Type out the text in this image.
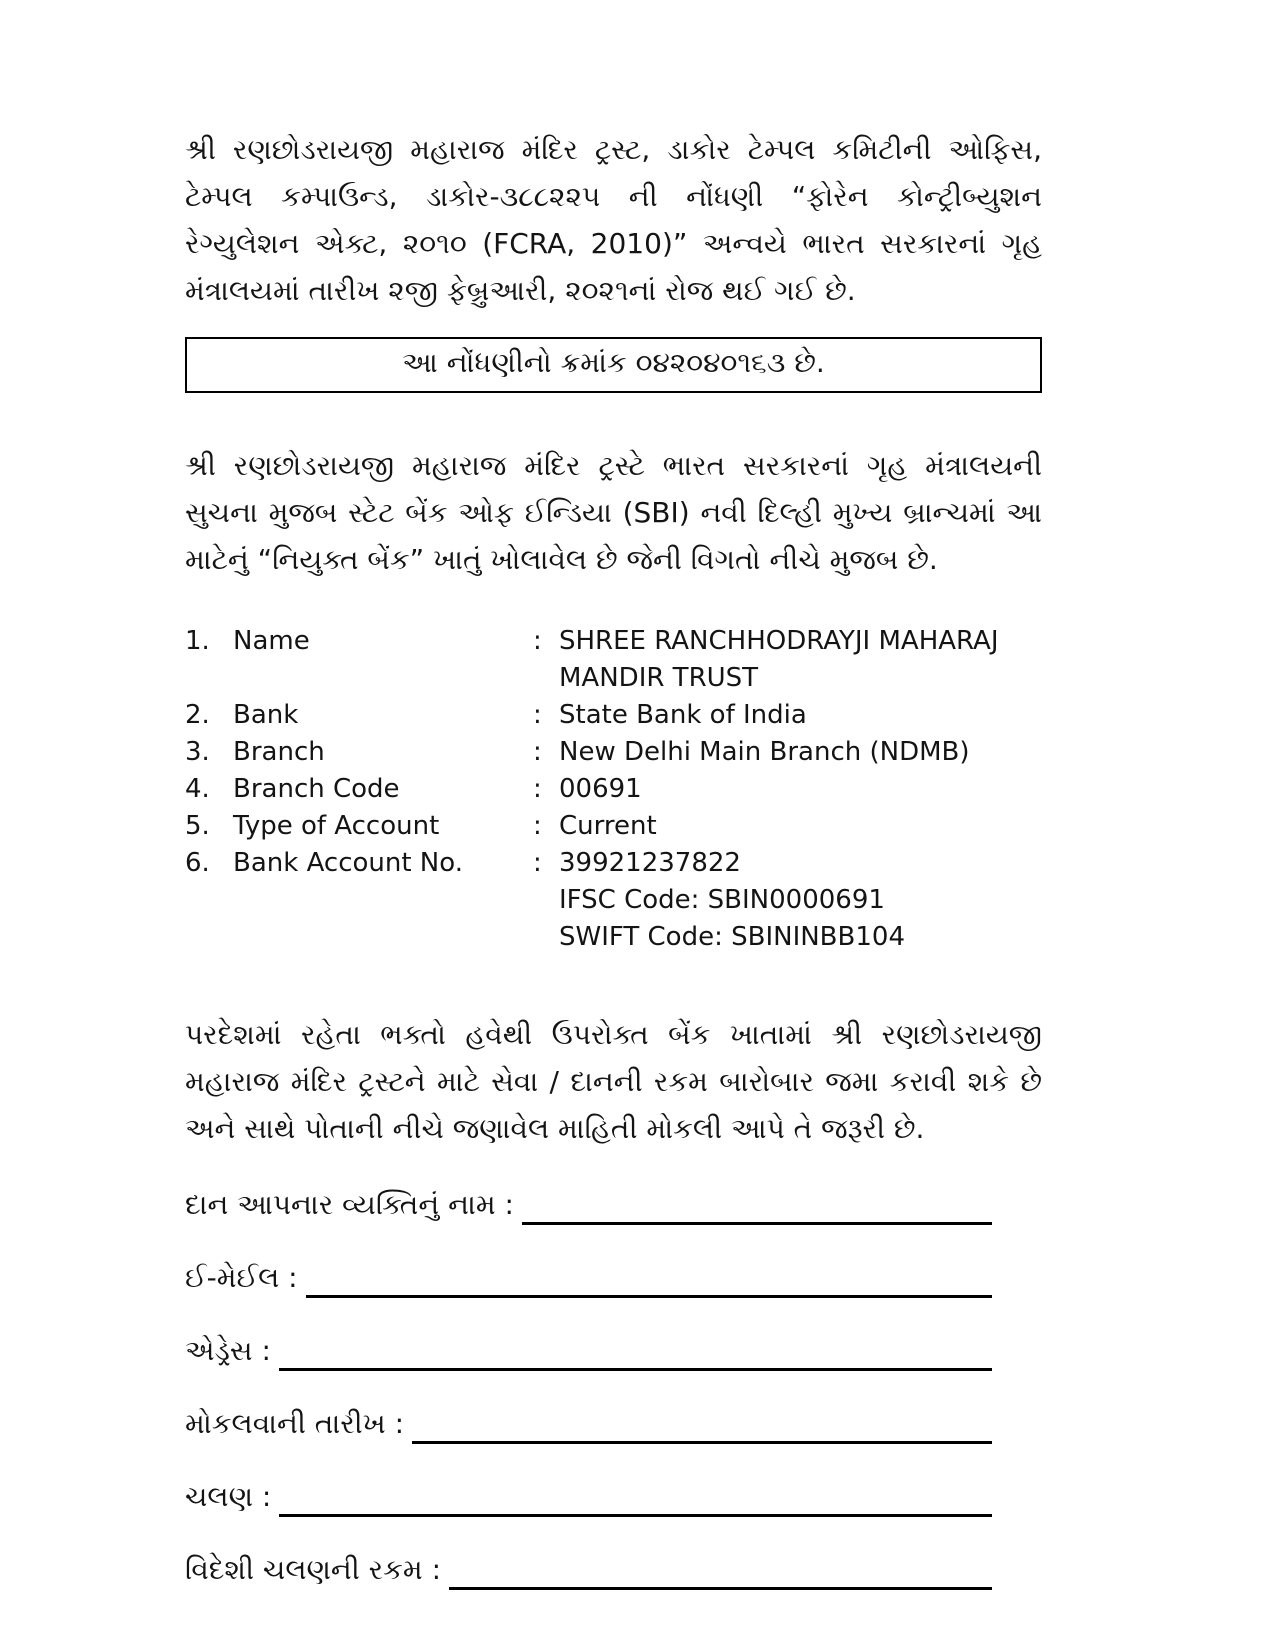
શ્રી રણછોડરાયજી મહારાજ મંદિર ટ્રસ્ટ, ડાકોર ટેમ્પલ કમિટીની ઓફિસ, ટેમ્પલ કમ્પાઉન્ડ, ડાકોર-૩૮૮૨૨૫ ની નોંધણી “ફોરેન કોન્ટ્રીબ્યુશન રેગ્યુલેશન એક્ટ, ૨૦૧૦ (FCRA, 2010)” અન્વયે ભારત સરકારનાં ગૃહ મંત્રાલયમાં તારીખ ૨જી ફેબ્રુઆરી, ૨૦૨૧નાં રોજ થઈ ગઈ છે.
આ નોંધણીનો ક્રમાંક ૦૪૨૦૪૦૧૬૩ છે.
શ્રી રણછોડરાયજી મહારાજ મંદિર ટ્રસ્ટે ભારત સરકારનાં ગૃહ મંત્રાલયની સુચના મુજબ સ્ટેટ બેંક ઓફ ઈન્ડિયા (SBI) નવી દિલ્હી મુખ્ય બ્રાન્ચમાં આ માટેનું “નિયુક્ત બેંક” ખાતું ખોલાવેલ છે જેની વિગતો નીચે મુજબ છે.
1. Name	: SHREE RANCHHODRAYJI MAHARAJ
MANDIR TRUST
2. Bank	: State Bank of India
3. Branch	: New Delhi Main Branch (NDMB)
4. Branch Code	: 00691
5. Type of Account	: Current
6. Bank Account No.	: 39921237822
IFSC Code: SBIN0000691
SWIFT Code: SBININBB104
પરદેશમાં રહેતા ભક્તો હવેથી ઉપરોક્ત બેંક ખાતામાં શ્રી રણછોડરાયજી મહારાજ મંદિર ટ્રસ્ટને માટે સેવા / દાનની રકમ બારોબાર જમા કરાવી શકે છે અને સાથે પોતાની નીચે જણાવેલ માહિતી મોકલી આપે તે જરૂરી છે.
દાન આપનાર વ્યક્તિનું નામ :
ઈ-મેઈલ :
એડ્રેસ :
મોકલવાની તારીખ :
ચલણ :
વિદેશી ચલણની રકમ :
